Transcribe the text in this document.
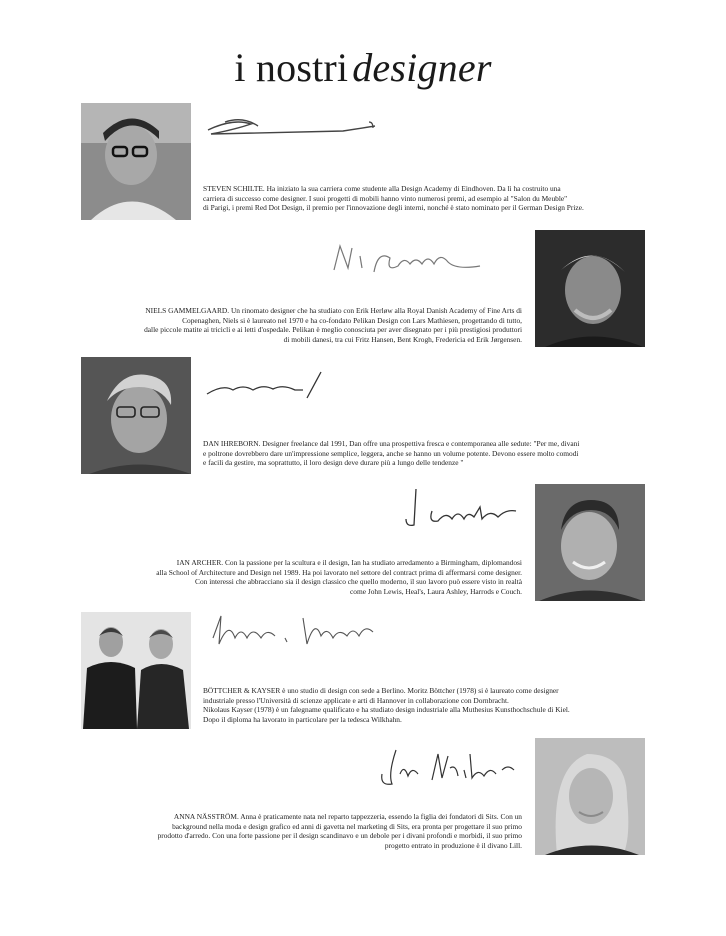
i nostri designer
STEVEN SCHILTE. Ha iniziato la sua carriera come studente alla Design Academy di Eindhoven. Da lì ha costruito una
carriera di successo come designer. I suoi progetti di mobili hanno vinto numerosi premi, ad esempio al "Salon du Meuble"
di Parigi, i premi Red Dot Design, il premio per l'innovazione degli interni, nonché è stato nominato per il German Design Prize.
NIELS GAMMELGAARD. Un rinomato designer che ha studiato con Erik Herløw alla Royal Danish Academy of Fine Arts di
Copenaghen, Niels si è laureato nel 1970 e ha co-fondato Pelikan Design con Lars Mathiesen, progettando di tutto,
dalle piccole matite ai tricicli e ai letti d'ospedale. Pelikan è meglio conosciuta per aver disegnato per i più prestigiosi produttori
di mobili danesi, tra cui Fritz Hansen, Bent Krogh, Fredericia ed Erik Jørgensen.
DAN IHREBORN. Designer freelance dal 1991, Dan offre una prospettiva fresca e contemporanea alle sedute: "Per me, divani
e poltrone dovrebbero dare un'impressione semplice, leggera, anche se hanno un volume potente. Devono essere molto comodi
e facili da gestire, ma soprattutto, il loro design deve durare più a lungo delle tendenze "
IAN ARCHER. Con la passione per la scultura e il design, Ian ha studiato arredamento a Birmingham, diplomandosi
alla School of Architecture and Design nel 1989. Ha poi lavorato nel settore del contract prima di affermarsi come designer.
Con interessi che abbracciano sia il design classico che quello moderno, il suo lavoro può essere visto in realtà
come John Lewis, Heal's, Laura Ashley, Harrods e Couch.
BÖTTCHER & KAYSER è uno studio di design con sede a Berlino. Moritz Böttcher (1978) si è laureato come designer
industriale presso l'Università di scienze applicate e arti di Hannover in collaborazione con Dornbracht.
Nikolaus Kayser (1978) è un falegname qualificato e ha studiato design industriale alla Muthesius Kunsthochschule di Kiel.
Dopo il diploma ha lavorato in particolare per la tedesca Wilkhahn.
ANNA NÄSSTRÖM. Anna è praticamente nata nel reparto tappezzeria, essendo la figlia dei fondatori di Sits. Con un
background nella moda e design grafico ed anni di gavetta nel marketing di Sits, era pronta per progettare il suo primo
prodotto d'arredo. Con una forte passione per il design scandinavo e un debole per i divani profondi e morbidi, il suo primo
progetto entrato in produzione è il divano Lill.
